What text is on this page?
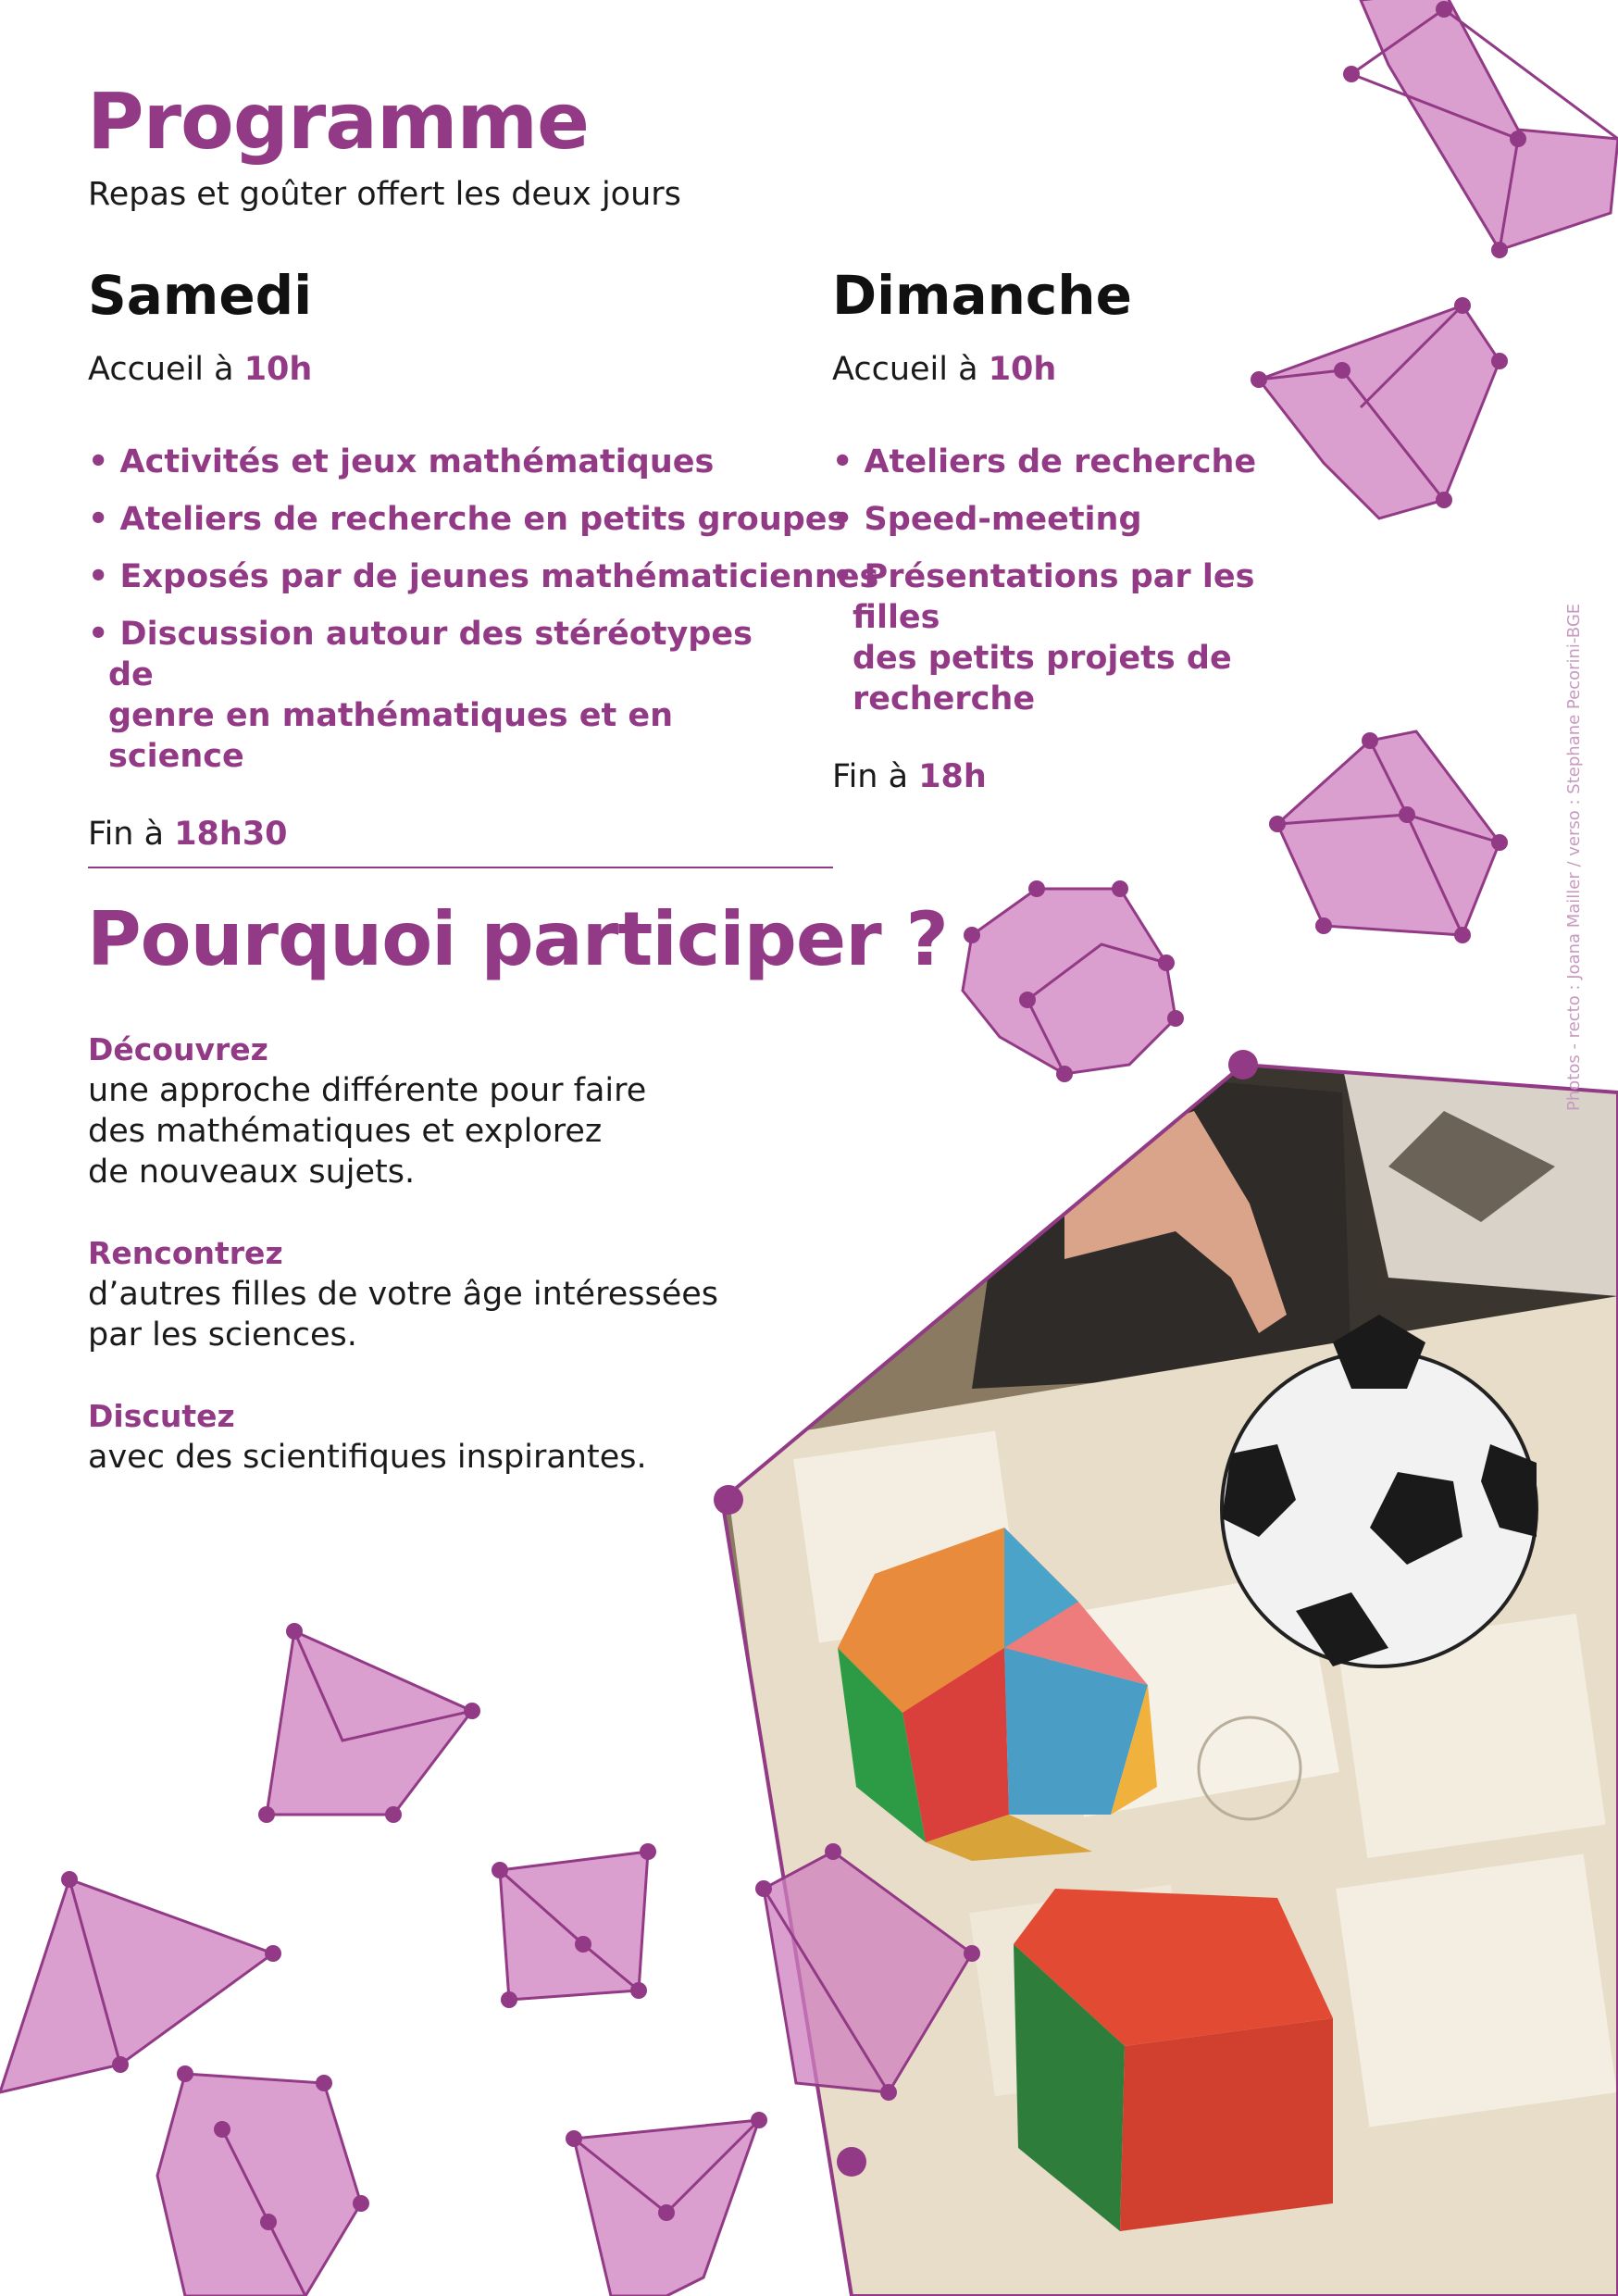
Programme
Repas et goûter offert les deux jours
Samedi
Accueil à 10h
• Activités et jeux mathématiques
• Ateliers de recherche en petits groupes
• Exposés par de jeunes mathématiciennes
• Discussion autour des stéréotypes de
genre en mathématiques et en science
Fin à 18h30
Dimanche
Accueil à 10h
• Ateliers de recherche
• Speed-meeting
• Présentations par les filles
des petits projets de recherche
Fin à 18h
Pourquoi participer ?
Découvrez
une approche différente pour faire
des mathématiques et explorez
de nouveaux sujets.
Rencontrez
d’autres filles de votre âge intéressées
par les sciences.
Discutez
avec des scientifiques inspirantes.
Photos - recto : Joana Mailler / verso : Stephane Pecorini-BGE
